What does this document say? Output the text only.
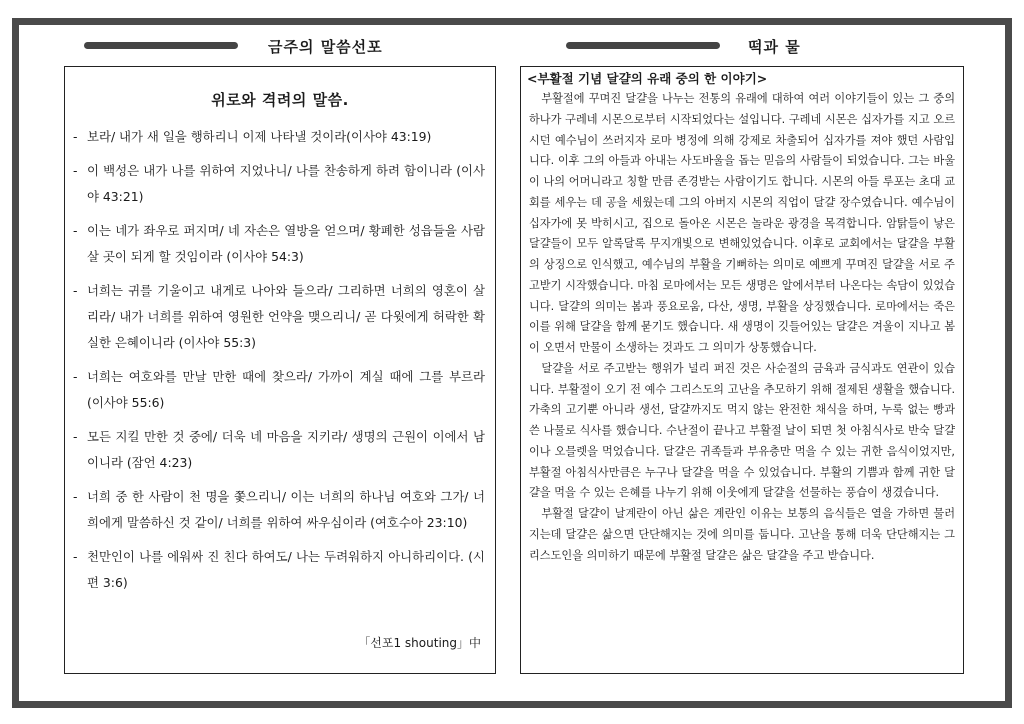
금주의 말씀선포	떡과 물
위로와 격려의 말씀.
- 보라/ 내가 새 일을 행하리니 이제 나타낼 것이라(이사야 43:19)
- 이 백성은 내가 나를 위하여 지었나니/ 나를 찬송하게 하려 함이니라 (이사야 43:21)
- 이는 네가 좌우로 퍼지며/ 네 자손은 열방을 얻으며/ 황폐한 성읍들을 사람 살 곳이 되게 할 것임이라 (이사야 54:3)
- 너희는 귀를 기울이고 내게로 나아와 들으라/ 그리하면 너희의 영혼이 살리라/ 내가 너희를 위하여 영원한 언약을 맺으리니/ 곧 다윗에게 허락한 확실한 은혜이니라 (이사야 55:3)
- 너희는 여호와를 만날 만한 때에 찾으라/ 가까이 계실 때에 그를 부르라 (이사야 55:6)
- 모든 지킬 만한 것 중에/ 더욱 네 마음을 지키라/ 생명의 근원이 이에서 남이니라 (잠언 4:23)
- 너희 중 한 사람이 천 명을 쫓으리니/ 이는 너희의 하나님 여호와 그가/ 너희에게 말씀하신 것 같이/ 너희를 위하여 싸우심이라 (여호수아 23:10)
- 천만인이 나를 에워싸 진 친다 하여도/ 나는 두려워하지 아니하리이다. (시편 3:6)
「선포1 shouting」中

<부활절 기념 달걀의 유래 중의 한 이야기>

부활절에 꾸며진 달걀을 나누는 전통의 유래에 대하여 여러 이야기들이 있는 그 중의 하나가 구레네 시몬으로부터 시작되었다는 설입니다. 구레네 시몬은 십자가를 지고 오르시던 예수님이 쓰러지자 로마 병정에 의해 강제로 차출되어 십자가를 져야 했던 사람입니다. 이후 그의 아들과 아내는 사도바울을 돕는 믿음의 사람들이 되었습니다. 그는 바울이 나의 어머니라고 칭할 만큼 존경받는 사람이기도 합니다. 시몬의 아들 루포는 초대 교회를 세우는 데 공을 세웠는데 그의 아버지 시몬의 직업이 달걀 장수였습니다. 예수님이 십자가에 못 박히시고, 집으로 돌아온 시몬은 놀라운 광경을 목격합니다. 암탉들이 낳은 달걀들이 모두 알록달록 무지개빛으로 변해있었습니다. 이후로 교회에서는 달걀을 부활의 상징으로 인식했고, 예수님의 부활을 기뻐하는 의미로 예쁘게 꾸며진 달걀을 서로 주고받기 시작했습니다. 마침 로마에서는 모든 생명은 알에서부터 나온다는 속담이 있었습니다. 달걀의 의미는 봄과 풍요로움, 다산, 생명, 부활을 상징했습니다. 로마에서는 죽은 이를 위해 달걀을 함께 묻기도 했습니다. 새 생명이 깃들어있는 달걀은 겨울이 지나고 봄이 오면서 만물이 소생하는 것과도 그 의미가 상통했습니다.

달걀을 서로 주고받는 행위가 널리 퍼진 것은 사순절의 금육과 금식과도 연관이 있습니다. 부활절이 오기 전 예수 그리스도의 고난을 추모하기 위해 절제된 생활을 했습니다. 가축의 고기뿐 아니라 생선, 달걀까지도 먹지 않는 완전한 채식을 하며, 누룩 없는 빵과 쓴 나물로 식사를 했습니다. 수난절이 끝나고 부활절 날이 되면 첫 아침식사로 반숙 달걀이나 오믈렛을 먹었습니다. 달걀은 귀족들과 부유층만 먹을 수 있는 귀한 음식이었지만, 부활절 아침식사만큼은 누구나 달걀을 먹을 수 있었습니다. 부활의 기쁨과 함께 귀한 달걀을 먹을 수 있는 은혜를 나누기 위해 이웃에게 달걀을 선물하는 풍습이 생겼습니다.

부활절 달걀이 날계란이 아닌 삶은 계란인 이유는 보통의 음식들은 열을 가하면 물러지는데 달걀은 삶으면 단단해지는 것에 의미를 둡니다. 고난을 통해 더욱 단단해지는 그리스도인을 의미하기 때문에 부활절 달걀은 삶은 달걀을 주고 받습니다.
